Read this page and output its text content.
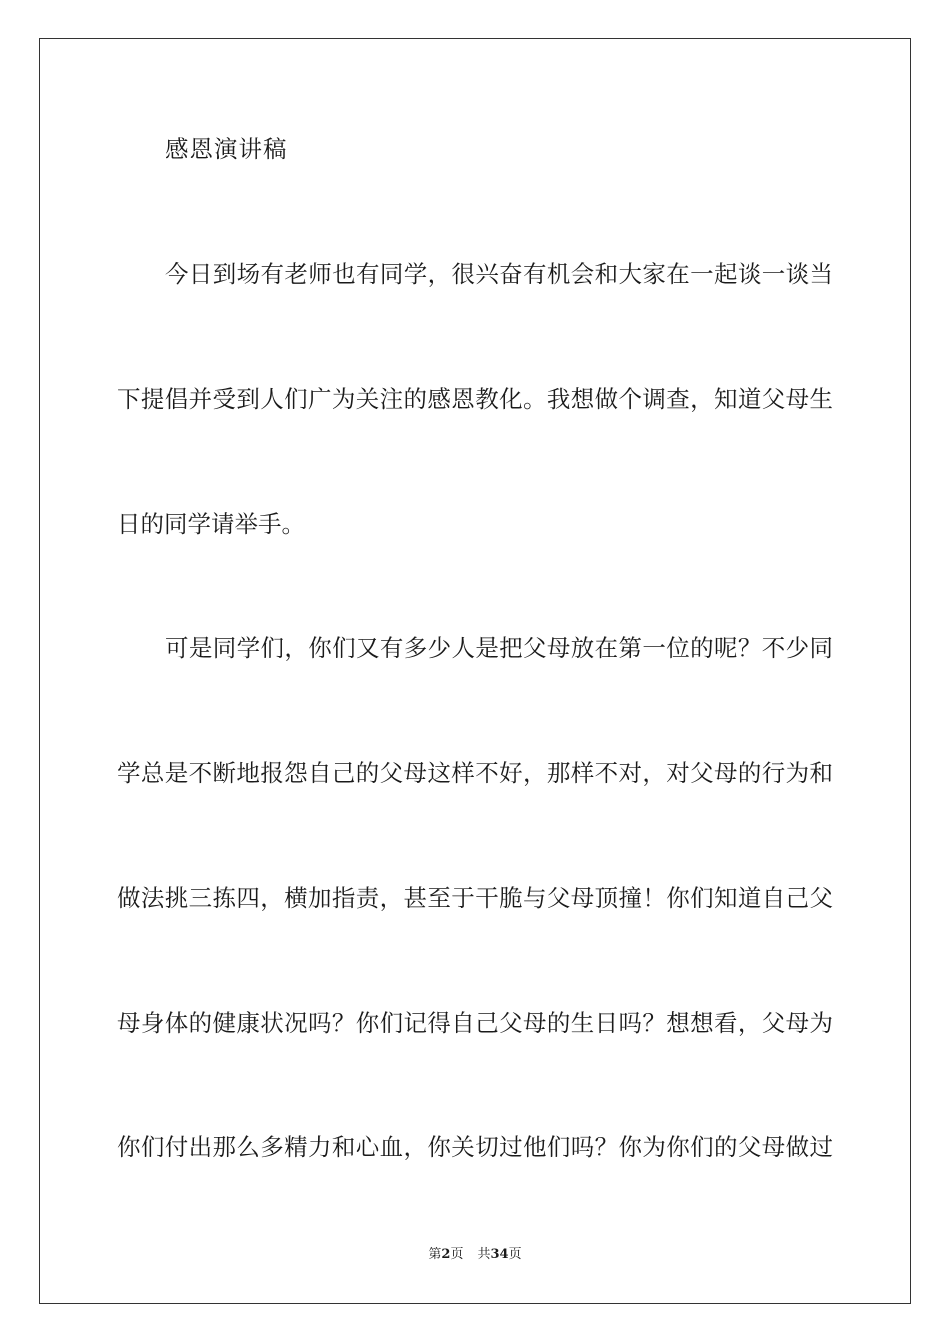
感恩演讲稿
今日到场有老师也有同学，很兴奋有机会和大家在一起谈一谈当
下提倡并受到人们广为关注的感恩教化。我想做个调查，知道父母生
日的同学请举手。
可是同学们，你们又有多少人是把父母放在第一位的呢？不少同
学总是不断地报怨自己的父母这样不好，那样不对，对父母的行为和
做法挑三拣四，横加指责，甚至于干脆与父母顶撞！你们知道自己父
母身体的健康状况吗？你们记得自己父母的生日吗？想想看，父母为
你们付出那么多精力和心血，你关切过他们吗？你为你们的父母做过
第2页 共34页
